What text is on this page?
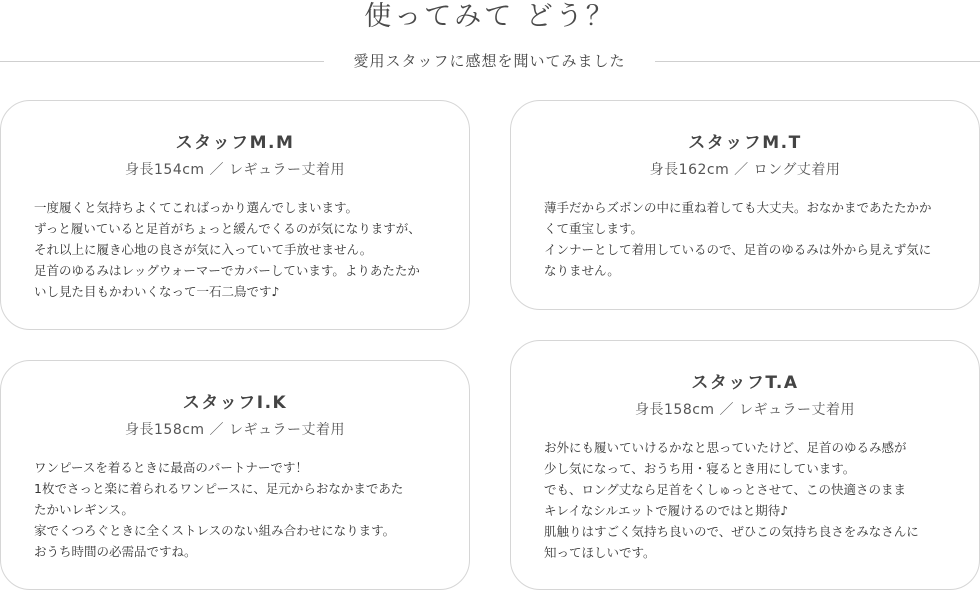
使ってみて どう？
愛用スタッフに感想を聞いてみました
スタッフM.M
身長154cm ／ レギュラー丈着用
一度履くと気持ちよくてこればっかり選んでしまいます。
ずっと履いていると足首がちょっと緩んでくるのが気になりますが、
それ以上に履き心地の良さが気に入っていて手放せません。
足首のゆるみはレッグウォーマーでカバーしています。よりあたたか
いし見た目もかわいくなって一石二鳥です♪
スタッフM.T
身長162cm ／ ロング丈着用
薄手だからズボンの中に重ね着しても大丈夫。おなかまであたたかか
くて重宝します。
インナーとして着用しているので、足首のゆるみは外から見えず気に
なりません。
スタッフI.K
身長158cm ／ レギュラー丈着用
ワンピースを着るときに最高のパートナーです！
1枚でさっと楽に着られるワンピースに、足元からおなかまであた
たかいレギンス。
家でくつろぐときに全くストレスのない組み合わせになります。
おうち時間の必需品ですね。
スタッフT.A
身長158cm ／ レギュラー丈着用
お外にも履いていけるかなと思っていたけど、足首のゆるみ感が
少し気になって、おうち用・寝るとき用にしています。
でも、ロング丈なら足首をくしゅっとさせて、この快適さのまま
キレイなシルエットで履けるのではと期待♪
肌触りはすごく気持ち良いので、ぜひこの気持ち良さをみなさんに
知ってほしいです。
